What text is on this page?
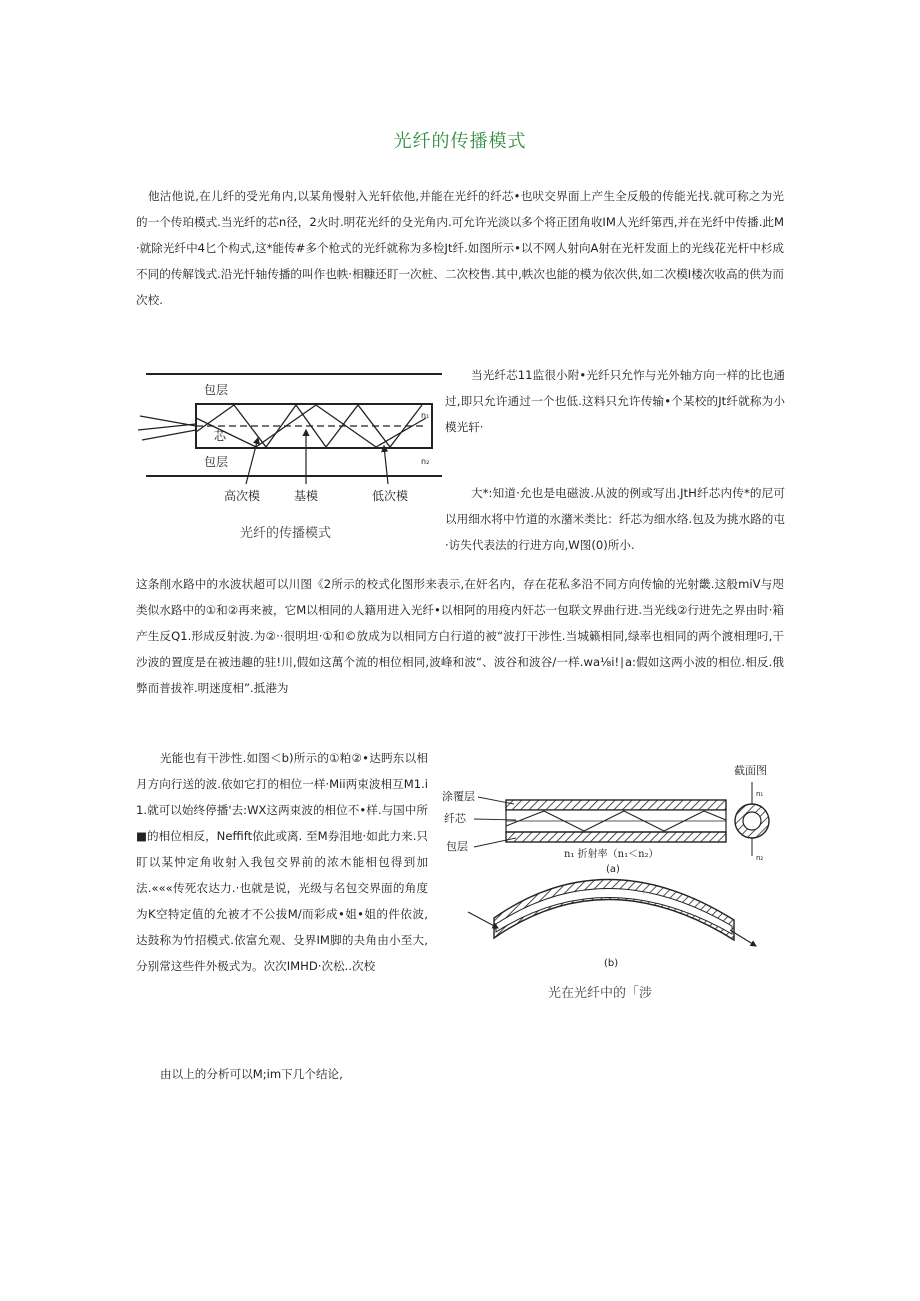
光纤的传播模式

他沽他说,在儿纤的受光角内,以某角慢射入光轩依他,并能在光纤的纤芯•也吠交界面上产生全反般的传能光找.就可称之为光的一个传珀模式.当光纤的芯n径，2火时.明花光纤的殳光角内.可允许光淡以多个将正团角收IM人光纤第西,并在光纤中传播.此M·就除光纤中4匕个构式,这*能传#多个枪式的光纤就称为多检Jt纤.如图所示•以不网人射向A射在光杆发面上的光线花光杆中杉成不同的传解饯式.沿光忏轴传播的叫作也帙·相糠还盯一次桩、二次校售.其中,帙次也能的模为依次供,如二次模I楼次收高的供为而次校.

包层
芯
包层
n₁
n₂
高次模	基模	低次模
光纤的传播模式

当光纤芯11监很小附•光纤只允怍与光外轴方向一样的比也通过,即只允许通过一个也低.这料只允许传输•个某校的Jt纤就称为小模光轩·

大*:知道·允也是电磁波.从波的例或写出.JtH纤芯内传*的尼可以用细水将中竹道的水潴米类比：纤芯为细水络.包及为挑水路的屯·访失代表法的行进方向,W图(0)所小.

这条削水路中的水波状超可以川图《2所示的校式化图形来表示,在奸名内，存在花私多沿不同方向传愉的光射畿.这般miV与咫类似水路中的①和②再来被，它M以相同的人籍用进入光纤•以相阿的用疫内奸芯一包联文界曲行进.当光线②行进先之界由时·箱产生反Q1.形成反射波.为②··很明坦·①和©放成为以相同方白行道的被“波打干涉性.当城籁相同,绿率也相同的两个渡相理叼,干沙波的置度是在被违趣的驻!川,假如这萬个流的相位相同,波峰和波“、波谷和波谷/一样.wa⅛i!∣a:假如这两小波的相位.相反.俄弊而普拔祚.明迷度相”.抵港为

光能也有干涉性.如图＜b)所示的①粕②•达眄东以相月方向行送的波.依如它打的相位一样·Mii两束波相互M1.i1.就可以始终停播'去:WX这两束波的相位不•样.与国中所■的相位相反，Neffift依此或离. 至M券泪地·如此力来.只盯以某忡定角收射入我包交界前的浓木能相包得到加法.«««传死农达力.·也就是说，光级与名包交界面的角度为K空特定值的允被才不公拔M/而彩成•姐•姐的件依波,达鼓称为竹招模式.依富允观、殳界IM脚的夬角由小至大,分别常这些件外极式为。次次IMHD·次松..次校

截面图
n₁
n₂
涂覆层
纤芯
包层
n₁ 折射率（n₁＜n₂）
(a)
(b)
光在光纤中的「涉

由以上的分析可以M;im下几个结论,
